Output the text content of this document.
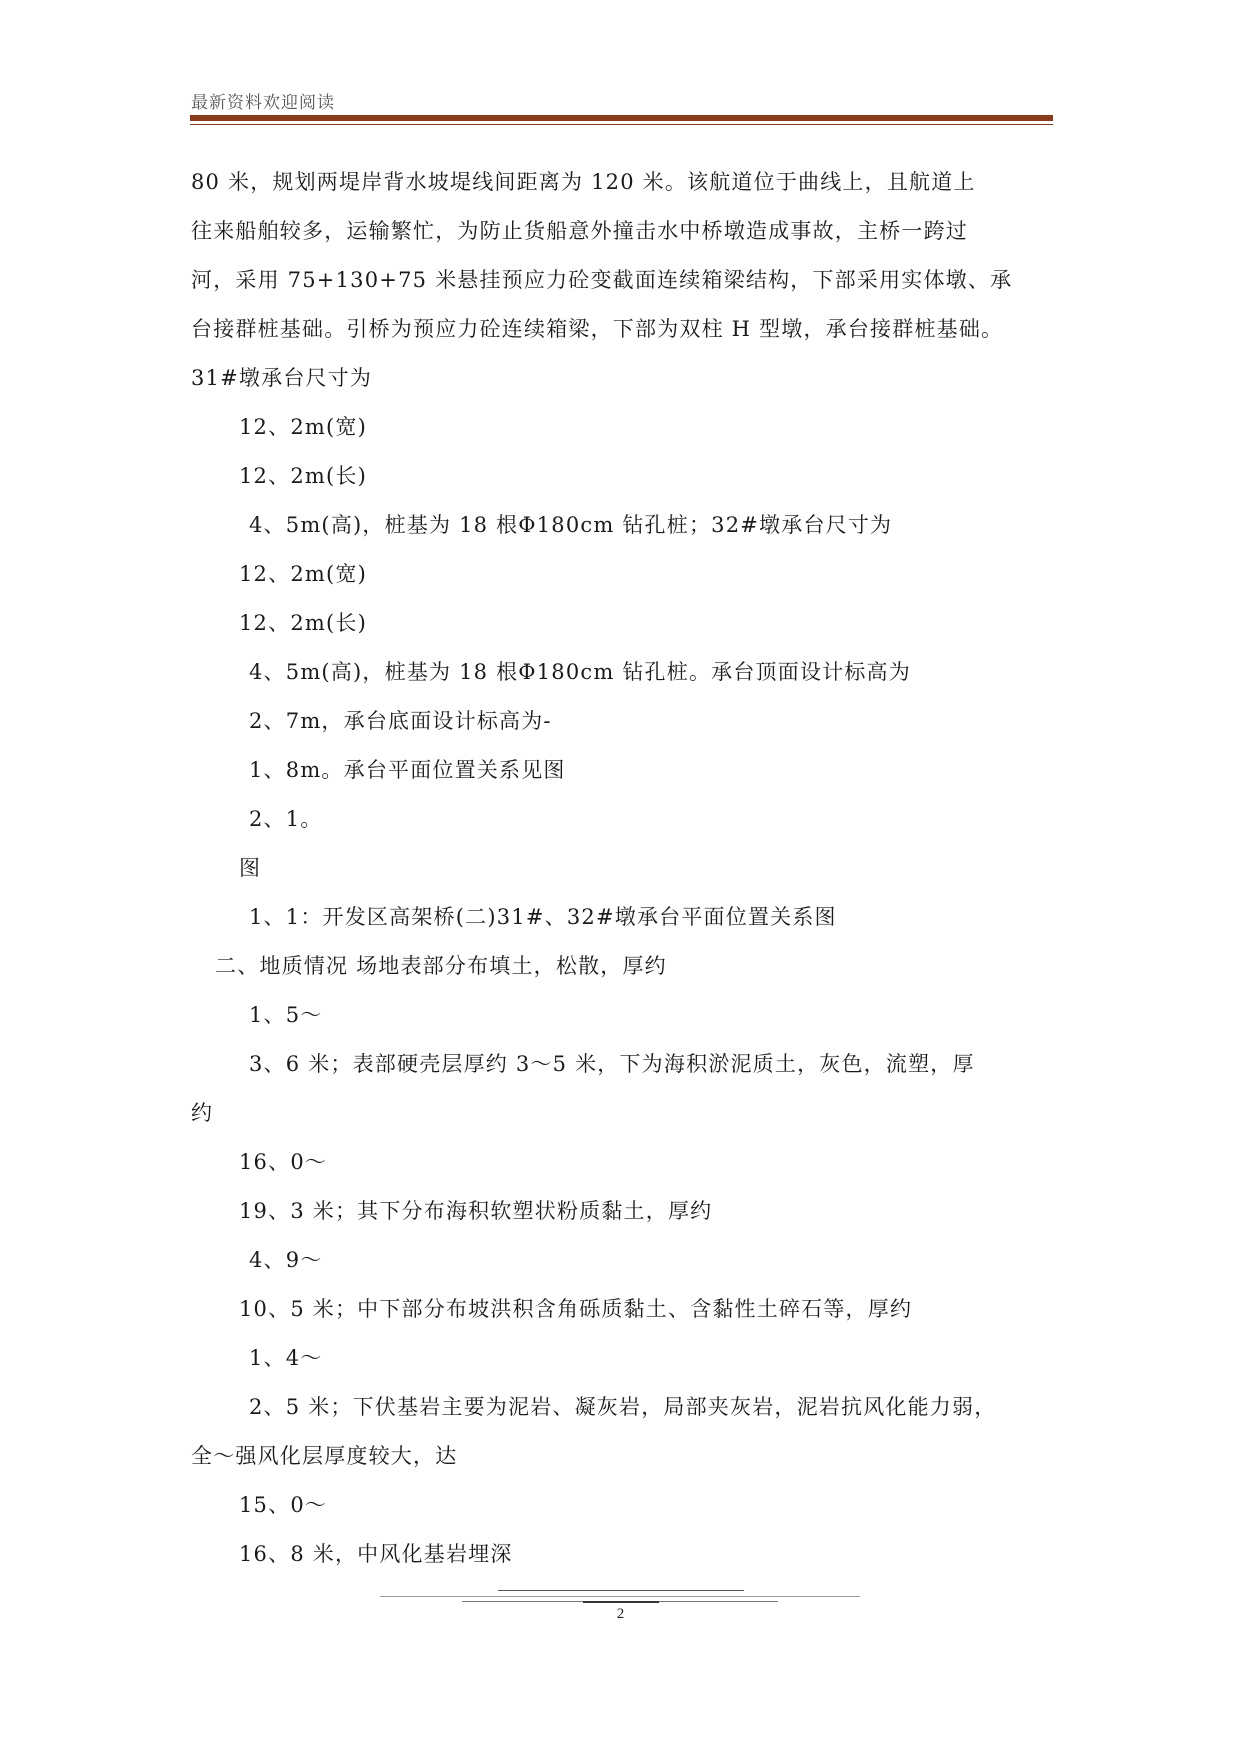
最新资料欢迎阅读
80 米，规划两堤岸背水坡堤线间距离为 120 米。该航道位于曲线上，且航道上
往来船舶较多，运输繁忙，为防止货船意外撞击水中桥墩造成事故，主桥一跨过
河，采用 75+130+75 米悬挂预应力砼变截面连续箱梁结构，下部采用实体墩、承
台接群桩基础。引桥为预应力砼连续箱梁，下部为双柱 H 型墩，承台接群桩基础。
31#墩承台尺寸为
12、2m(宽)
12、2m(长)
4、5m(高)，桩基为 18 根Φ180cm 钻孔桩；32#墩承台尺寸为
12、2m(宽)
12、2m(长)
4、5m(高)，桩基为 18 根Φ180cm 钻孔桩。承台顶面设计标高为
2、7m，承台底面设计标高为-
1、8m。承台平面位置关系见图
2、1。
图
1、1：开发区高架桥(二)31#、32#墩承台平面位置关系图
二、地质情况 场地表部分布填土，松散，厚约
1、5～
3、6 米；表部硬壳层厚约 3～5 米，下为海积淤泥质土，灰色，流塑，厚
约
16、0～
19、3 米；其下分布海积软塑状粉质黏土，厚约
4、9～
10、5 米；中下部分布坡洪积含角砾质黏土、含黏性土碎石等，厚约
1、4～
2、5 米；下伏基岩主要为泥岩、凝灰岩，局部夹灰岩，泥岩抗风化能力弱，
全～强风化层厚度较大，达
15、0～
16、8 米，中风化基岩埋深
2
